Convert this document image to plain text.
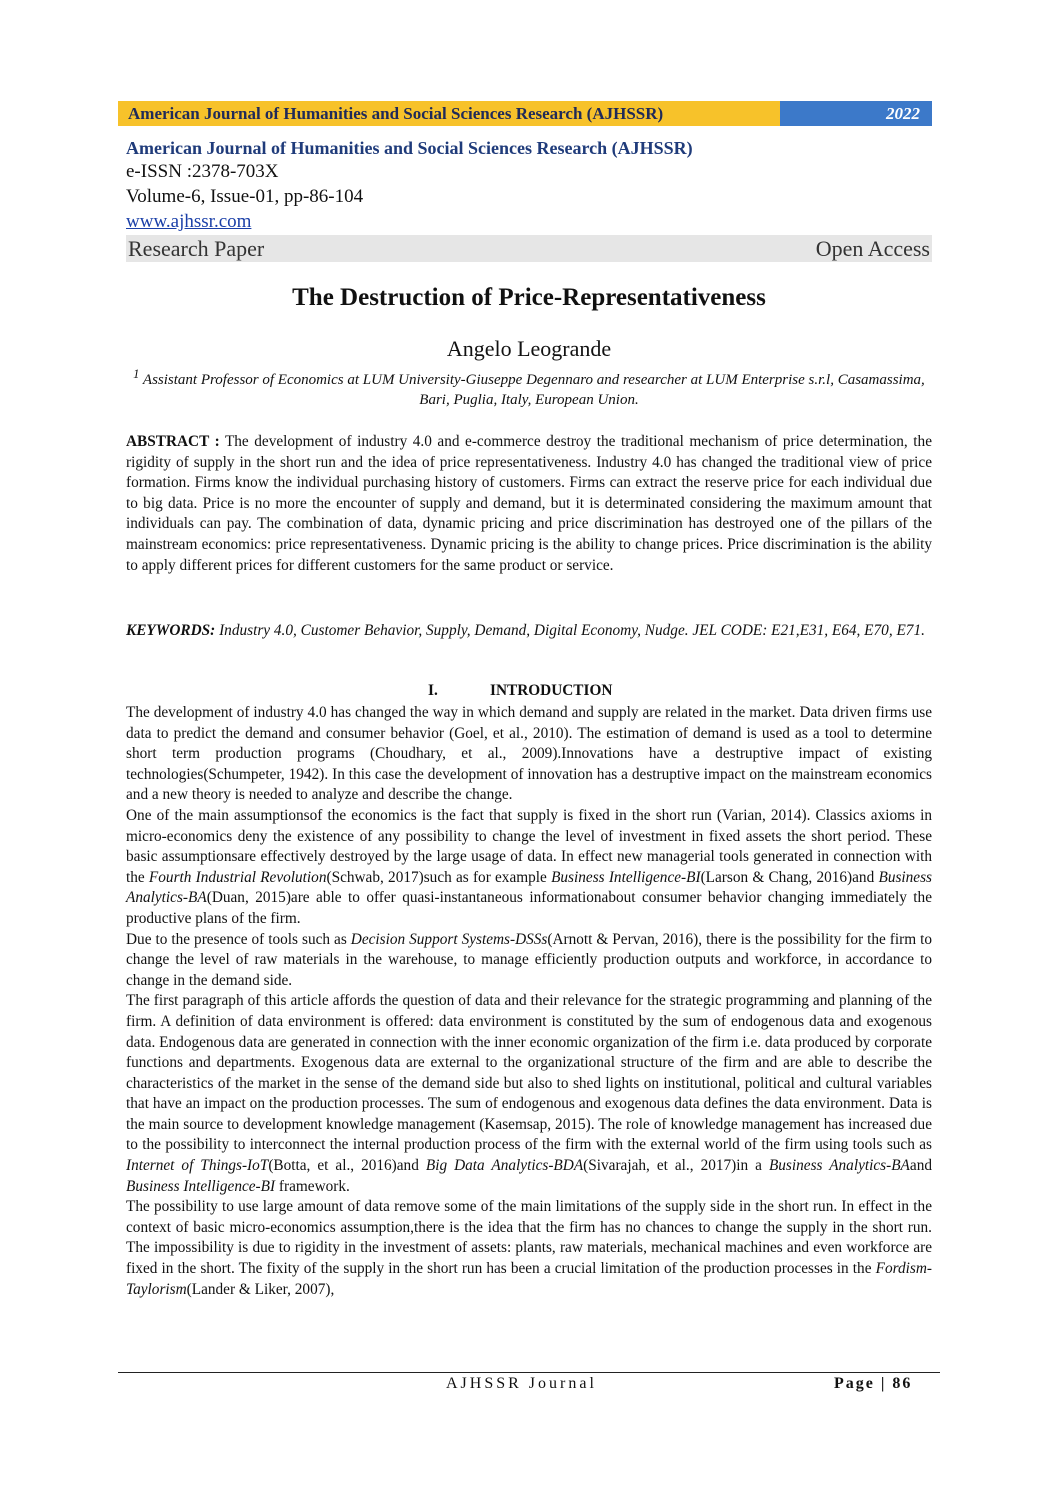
American Journal of Humanities and Social Sciences Research (AJHSSR)	2022
American Journal of Humanities and Social Sciences Research (AJHSSR)
e-ISSN :2378-703X
Volume-6, Issue-01, pp-86-104
www.ajhssr.com
Research Paper	Open Access
The Destruction of Price-Representativeness
Angelo Leogrande
$^1$ Assistant Professor of Economics at LUM University-Giuseppe Degennaro and researcher at LUM Enterprise s.r.l, Casamassima, Bari, Puglia, Italy, European Union.
ABSTRACT : The development of industry 4.0 and e-commerce destroy the traditional mechanism of price determination, the rigidity of supply in the short run and the idea of price representativeness. Industry 4.0 has changed the traditional view of price formation. Firms know the individual purchasing history of customers. Firms can extract the reserve price for each individual due to big data. Price is no more the encounter of supply and demand, but it is determinated considering the maximum amount that individuals can pay. The combination of data, dynamic pricing and price discrimination has destroyed one of the pillars of the mainstream economics: price representativeness. Dynamic pricing is the ability to change prices. Price discrimination is the ability to apply different prices for different customers for the same product or service.
KEYWORDS: Industry 4.0, Customer Behavior, Supply, Demand, Digital Economy, Nudge. JEL CODE: E21,E31, E64, E70, E71.
I.	INTRODUCTION

The development of industry 4.0 has changed the way in which demand and supply are related in the market. Data driven firms use data to predict the demand and consumer behavior (Goel, et al., 2010). The estimation of demand is used as a tool to determine short term production programs (Choudhary, et al., 2009).Innovations have a destruptive impact of existing technologies(Schumpeter, 1942). In this case the development of innovation has a destruptive impact on the mainstream economics and a new theory is needed to analyze and describe the change.

One of the main assumptionsof the economics is the fact that supply is fixed in the short run (Varian, 2014). Classics axioms in micro-economics deny the existence of any possibility to change the level of investment in fixed assets the short period. These basic assumptionsare effectively destroyed by the large usage of data. In effect new managerial tools generated in connection with the Fourth Industrial Revolution(Schwab, 2017)such as for example Business Intelligence-BI(Larson & Chang, 2016)and Business Analytics-BA(Duan, 2015)are able to offer quasi-instantaneous informationabout consumer behavior changing immediately the productive plans of the firm.

Due to the presence of tools such as Decision Support Systems-DSSs(Arnott & Pervan, 2016), there is the possibility for the firm to change the level of raw materials in the warehouse, to manage efficiently production outputs and workforce, in accordance to change in the demand side.

The first paragraph of this article affords the question of data and their relevance for the strategic programming and planning of the firm. A definition of data environment is offered: data environment is constituted by the sum of endogenous data and exogenous data. Endogenous data are generated in connection with the inner economic organization of the firm i.e. data produced by corporate functions and departments. Exogenous data are external to the organizational structure of the firm and are able to describe the characteristics of the market in the sense of the demand side but also to shed lights on institutional, political and cultural variables that have an impact on the production processes. The sum of endogenous and exogenous data defines the data environment. Data is the main source to development knowledge management (Kasemsap, 2015). The role of knowledge management has increased due to the possibility to interconnect the internal production process of the firm with the external world of the firm using tools such as Internet of Things-IoT(Botta, et al., 2016)and Big Data Analytics-BDA(Sivarajah, et al., 2017)in a Business Analytics-BAand Business Intelligence-BI framework.

The possibility to use large amount of data remove some of the main limitations of the supply side in the short run. In effect in the context of basic micro-economics assumption,there is the idea that the firm has no chances to change the supply in the short run. The impossibility is due to rigidity in the investment of assets: plants, raw materials, mechanical machines and even workforce are fixed in the short. The fixity of the supply in the short run has been a crucial limitation of the production processes in the Fordism-Taylorism(Lander & Liker, 2007),

AJHSSR Journal	Page | 86
